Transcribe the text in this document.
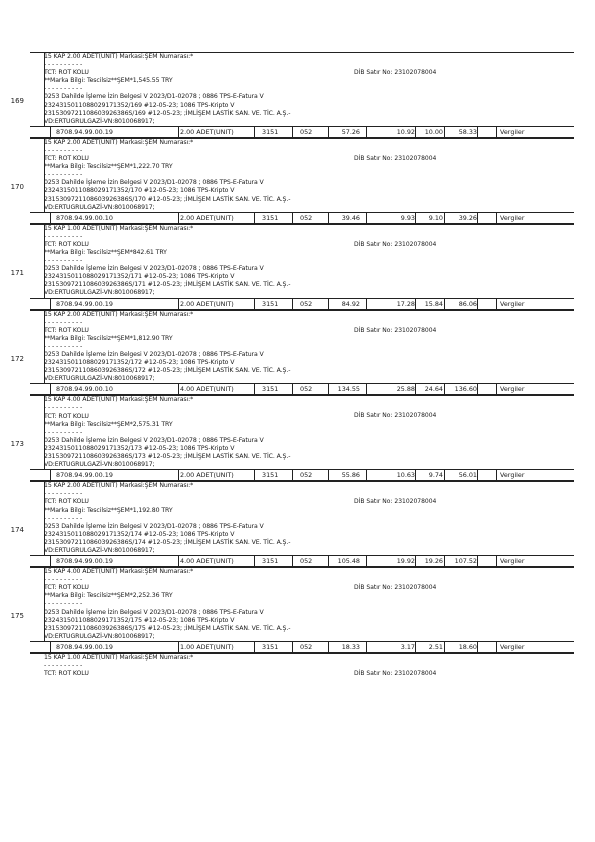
169
15 KAP 2.00 ADET(UNIT) Markasi:ŞEM Numarası:*
- - - - - - - - - -
TCT: ROT KOLU
**Marka Bilgi: Tescilsiz**ŞEM*1,545.55 TRY
- - - - - - - - - -
0253 Dahilde İşleme İzin Belgesi V 2023/D1-02078 ; 0886 TPS-E-Fatura V
2324315011088029171352/169 #12-05-23; 1086 TPS-Kripto V
2315309721108603926386S/169 #12-05-23; ;İMLİŞEM LASTİK SAN. VE. TİC. A.Ş.-
VD:ERTUGRULGAZİ-VN:8010068917;
DİB Satır No: 23102078004
8708.94.99.00.19	2.00 ADET(UNIT)	3151	052	57.26	10.92 10.00 58.33	Vergiler
170
15 KAP 2.00 ADET(UNIT) Markasi:ŞEM Numarası:*
- - - - - - - - - -
TCT: ROT KOLU
**Marka Bilgi: Tescilsiz**ŞEM*1,222.70 TRY
- - - - - - - - - -
0253 Dahilde İşleme İzin Belgesi V 2023/D1-02078 ; 0886 TPS-E-Fatura V
2324315011088029171352/170 #12-05-23; 1086 TPS-Kripto V
2315309721108603926386S/170 #12-05-23; ;İMLİŞEM LASTİK SAN. VE. TİC. A.Ş.-
VD:ERTUGRULGAZİ-VN:8010068917;
DİB Satır No: 23102078004
8708.94.99.00.10	2.00 ADET(UNIT)	3151	052	39.46	9.93 9.10 39.26	Vergiler
171
15 KAP 1.00 ADET(UNIT) Markasi:ŞEM Numarası:*
- - - - - - - - - -
TCT: ROT KOLU
**Marka Bilgi: Tescilsiz**ŞEM*842.61 TRY
- - - - - - - - - -
0253 Dahilde İşleme İzin Belgesi V 2023/D1-02078 ; 0886 TPS-E-Fatura V
2324315011088029171352/171 #12-05-23; 1086 TPS-Kripto V
2315309721108603926386S/171 #12-05-23; ;İMLİŞEM LASTİK SAN. VE. TİC. A.Ş.-
VD:ERTUGRULGAZİ-VN:8010068917;
DİB Satır No: 23102078004
8708.94.99.00.19	2.00 ADET(UNIT)	3151	052	84.92	17.28 15.84 86.06	Vergiler
172
15 KAP 2.00 ADET(UNIT) Markasi:ŞEM Numarası:*
- - - - - - - - - -
TCT: ROT KOLU
**Marka Bilgi: Tescilsiz**ŞEM*1,812.90 TRY
- - - - - - - - - -
0253 Dahilde İşleme İzin Belgesi V 2023/D1-02078 ; 0886 TPS-E-Fatura V
2324315011088029171352/172 #12-05-23; 1086 TPS-Kripto V
2315309721108603926386S/172 #12-05-23; ;İMLİŞEM LASTİK SAN. VE. TİC. A.Ş.-
VD:ERTUGRULGAZİ-VN:8010068917;
DİB Satır No: 23102078004
8708.94.99.00.10	4.00 ADET(UNIT)	3151	052	134.55	25.88 24.64 136.60	Vergiler
173
15 KAP 4.00 ADET(UNIT) Markasi:ŞEM Numarası:*
- - - - - - - - - -
TCT: ROT KOLU
**Marka Bilgi: Tescilsiz**ŞEM*2,575.31 TRY
- - - - - - - - - -
0253 Dahilde İşleme İzin Belgesi V 2023/D1-02078 ; 0886 TPS-E-Fatura V
2324315011088029171352/173 #12-05-23; 1086 TPS-Kripto V
2315309721108603926386S/173 #12-05-23; ;İMLİŞEM LASTİK SAN. VE. TİC. A.Ş.-
VD:ERTUGRULGAZİ-VN:8010068917;
DİB Satır No: 23102078004
8708.94.99.00.19	2.00 ADET(UNIT)	3151	052	55.86	10.63 9.74 56.01	Vergiler
174
15 KAP 2.00 ADET(UNIT) Markasi:ŞEM Numarası:*
- - - - - - - - - -
TCT: ROT KOLU
**Marka Bilgi: Tescilsiz**ŞEM*1,192.80 TRY
- - - - - - - - - -
0253 Dahilde İşleme İzin Belgesi V 2023/D1-02078 ; 0886 TPS-E-Fatura V
2324315011088029171352/174 #12-05-23; 1086 TPS-Kripto V
2315309721108603926386S/174 #12-05-23; ;İMLİŞEM LASTİK SAN. VE. TİC. A.Ş.-
VD:ERTUGRULGAZİ-VN:8010068917;
DİB Satır No: 23102078004
8708.94.99.00.19	4.00 ADET(UNIT)	3151	052	105.48	19.92 19.26 107.52	Vergiler
175
15 KAP 4.00 ADET(UNIT) Markasi:ŞEM Numarası:*
- - - - - - - - - -
TCT: ROT KOLU
**Marka Bilgi: Tescilsiz**ŞEM*2,252.36 TRY
- - - - - - - - - -
0253 Dahilde İşleme İzin Belgesi V 2023/D1-02078 ; 0886 TPS-E-Fatura V
2324315011088029171352/175 #12-05-23; 1086 TPS-Kripto V
2315309721108603926386S/175 #12-05-23; ;İMLİŞEM LASTİK SAN. VE. TİC. A.Ş.-
VD:ERTUGRULGAZİ-VN:8010068917;
DİB Satır No: 23102078004
8708.94.99.00.19	1.00 ADET(UNIT)	3151	052	18.33	3.17 2.51 18.60	Vergiler
15 KAP 1.00 ADET(UNIT) Markasi:ŞEM Numarası:*
- - - - - - - - - -
TCT: ROT KOLU	DİB Satır No: 23102078004
